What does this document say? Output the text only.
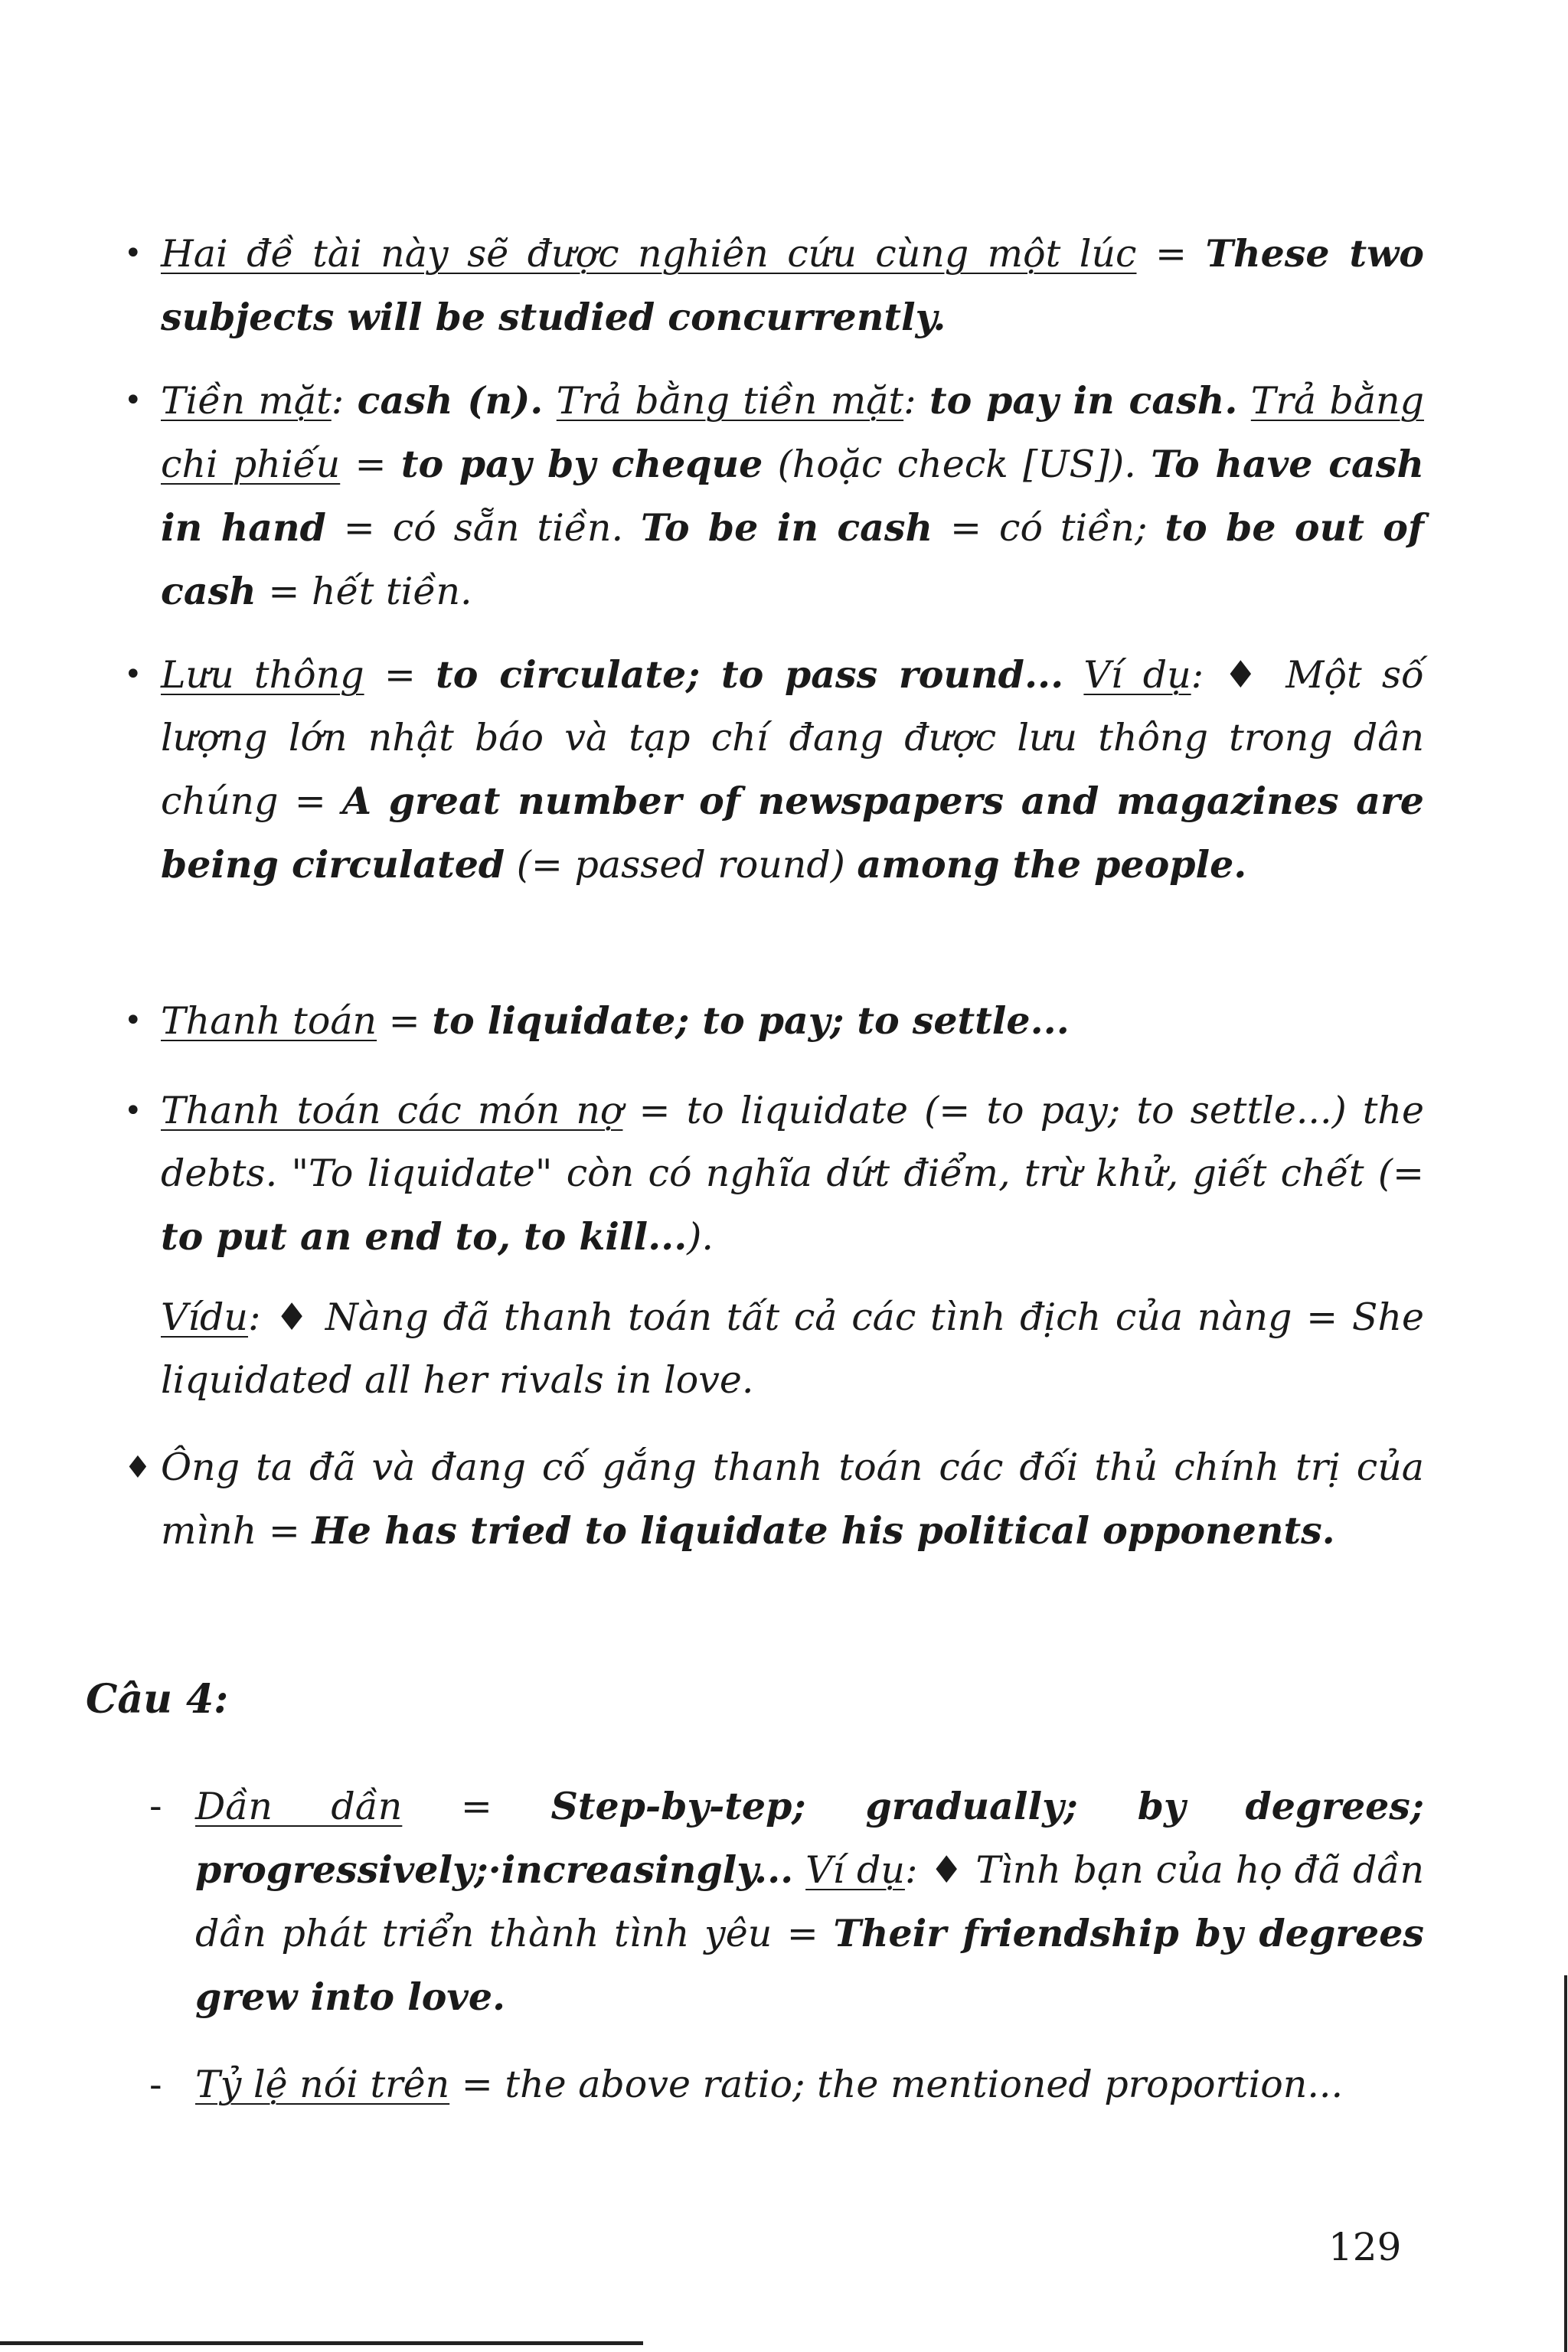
• Hai đề tài này sẽ được nghiên cứu cùng một lúc = These two subjects will be studied concurrently.
• Tiền mặt: cash (n). Trả bằng tiền mặt: to pay in cash. Trả bằng chi phiếu = to pay by cheque (hoặc check [US]). To have cash in hand = có sẵn tiền. To be in cash = có tiền; to be out of cash = hết tiền.
• Lưu thông = to circulate; to pass round... Ví dụ: ♦ Một số lượng lớn nhật báo và tạp chí đang được lưu thông trong dân chúng = A great number of newspapers and magazines are being circulated (= passed round) among the people.
• Thanh toán = to liquidate; to pay; to settle...
• Thanh toán các món nợ = to liquidate (= to pay; to settle...) the debts. "To liquidate" còn có nghĩa dứt điểm, trừ khử, giết chết (= to put an end to, to kill...).
Vídu: ♦ Nàng đã thanh toán tất cả các tình địch của nàng = She liquidated all her rivals in love.
♦ Ông ta đã và đang cố gắng thanh toán các đối thủ chính trị của mình = He has tried to liquidate his political opponents.
Câu 4:
- Dần dần = Step-by-tep; gradually; by degrees; progressively;·increasingly... Ví dụ: ♦ Tình bạn của họ đã dần dần phát triển thành tình yêu = Their friendship by degrees grew into love.
- Tỷ lệ nói trên = the above ratio; the mentioned proportion...
129
